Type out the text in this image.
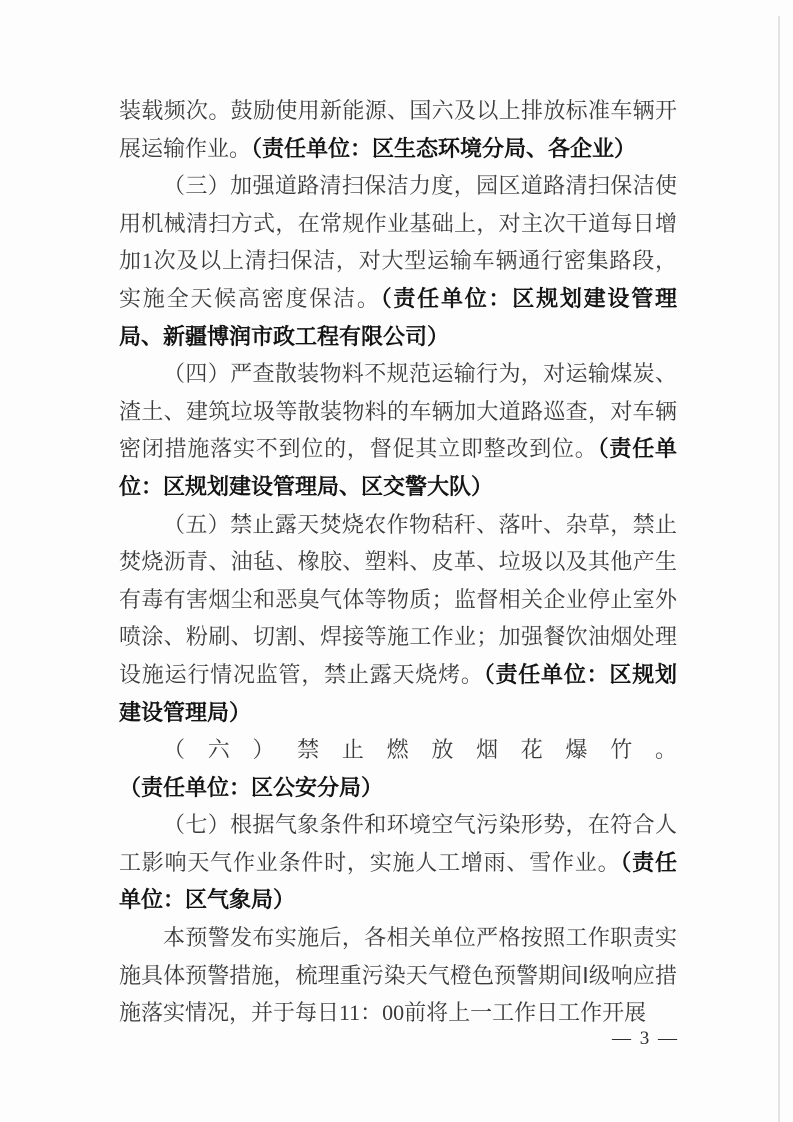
装载频次。鼓励使用新能源、国六及以上排放标准车辆开展运输作业。（责任单位：区生态环境分局、各企业）

（三）加强道路清扫保洁力度，园区道路清扫保洁使用机械清扫方式，在常规作业基础上，对主次干道每日增加1次及以上清扫保洁，对大型运输车辆通行密集路段，实施全天候高密度保洁。（责任单位：区规划建设管理局、新疆博润市政工程有限公司）

（四）严查散装物料不规范运输行为，对运输煤炭、渣土、建筑垃圾等散装物料的车辆加大道路巡查，对车辆密闭措施落实不到位的，督促其立即整改到位。（责任单位：区规划建设管理局、区交警大队）

（五）禁止露天焚烧农作物秸秆、落叶、杂草，禁止焚烧沥青、油毡、橡胶、塑料、皮革、垃圾以及其他产生有毒有害烟尘和恶臭气体等物质；监督相关企业停止室外喷涂、粉刷、切割、焊接等施工作业；加强餐饮油烟处理设施运行情况监管，禁止露天烧烤。（责任单位：区规划建设管理局）

（六）禁止燃放烟花爆竹。（责任单位：区公安分局）

（七）根据气象条件和环境空气污染形势，在符合人工影响天气作业条件时，实施人工增雨、雪作业。（责任单位：区气象局）

本预警发布实施后，各相关单位严格按照工作职责实施具体预警措施，梳理重污染天气橙色预警期间Ⅰ级响应措施落实情况，并于每日11：00前将上一工作日工作开展

— 3 —
